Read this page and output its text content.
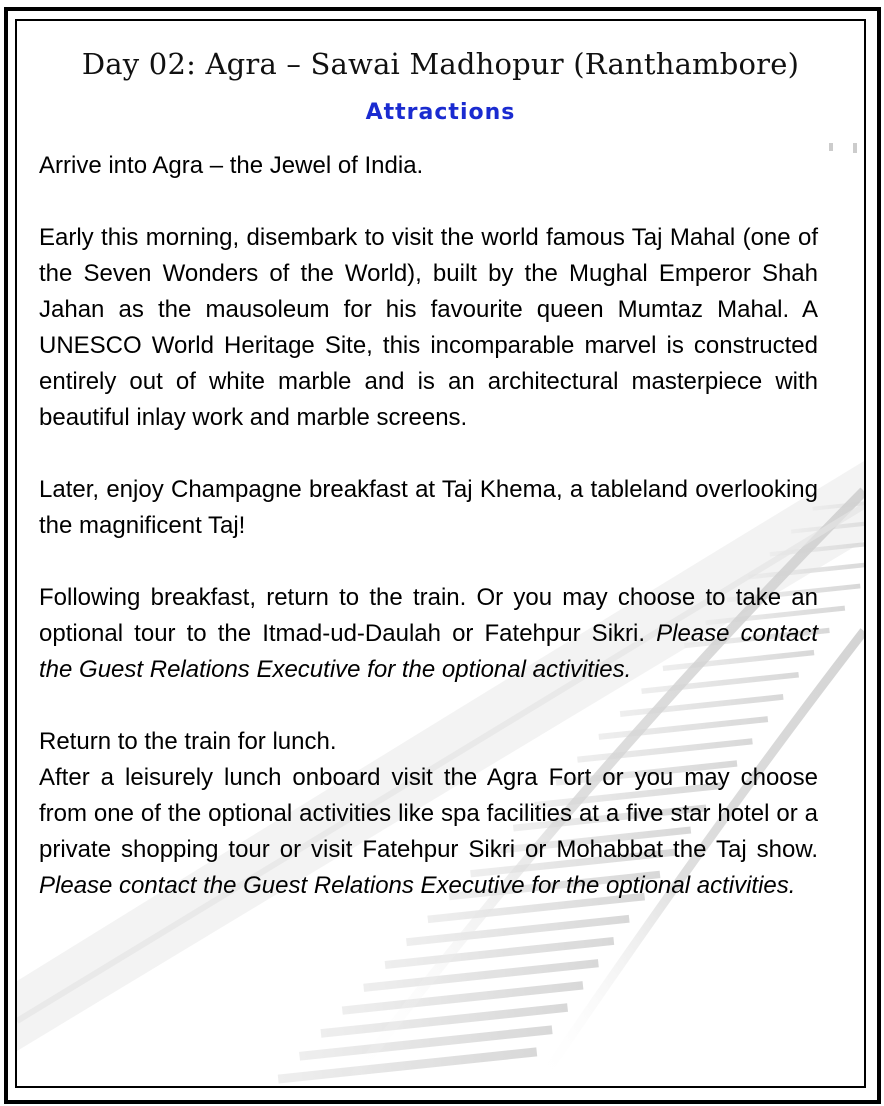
Day 02: Agra – Sawai Madhopur (Ranthambore)
Attractions

Arrive into Agra – the Jewel of India.

Early this morning, disembark to visit the world famous Taj Mahal (one of the Seven Wonders of the World), built by the Mughal Emperor Shah Jahan as the mausoleum for his favourite queen Mumtaz Mahal. A UNESCO World Heritage Site, this incomparable marvel is constructed entirely out of white marble and is an architectural masterpiece with beautiful inlay work and marble screens.

Later, enjoy Champagne breakfast at Taj Khema, a tableland overlooking the magnificent Taj!

Following breakfast, return to the train. Or you may choose to take an optional tour to the Itmad-ud-Daulah or Fatehpur Sikri. Please contact the Guest Relations Executive for the optional activities.

Return to the train for lunch.

After a leisurely lunch onboard visit the Agra Fort or you may choose from one of the optional activities like spa facilities at a five star hotel or a private shopping tour or visit Fatehpur Sikri or Mohabbat the Taj show. Please contact the Guest Relations Executive for the optional activities.
